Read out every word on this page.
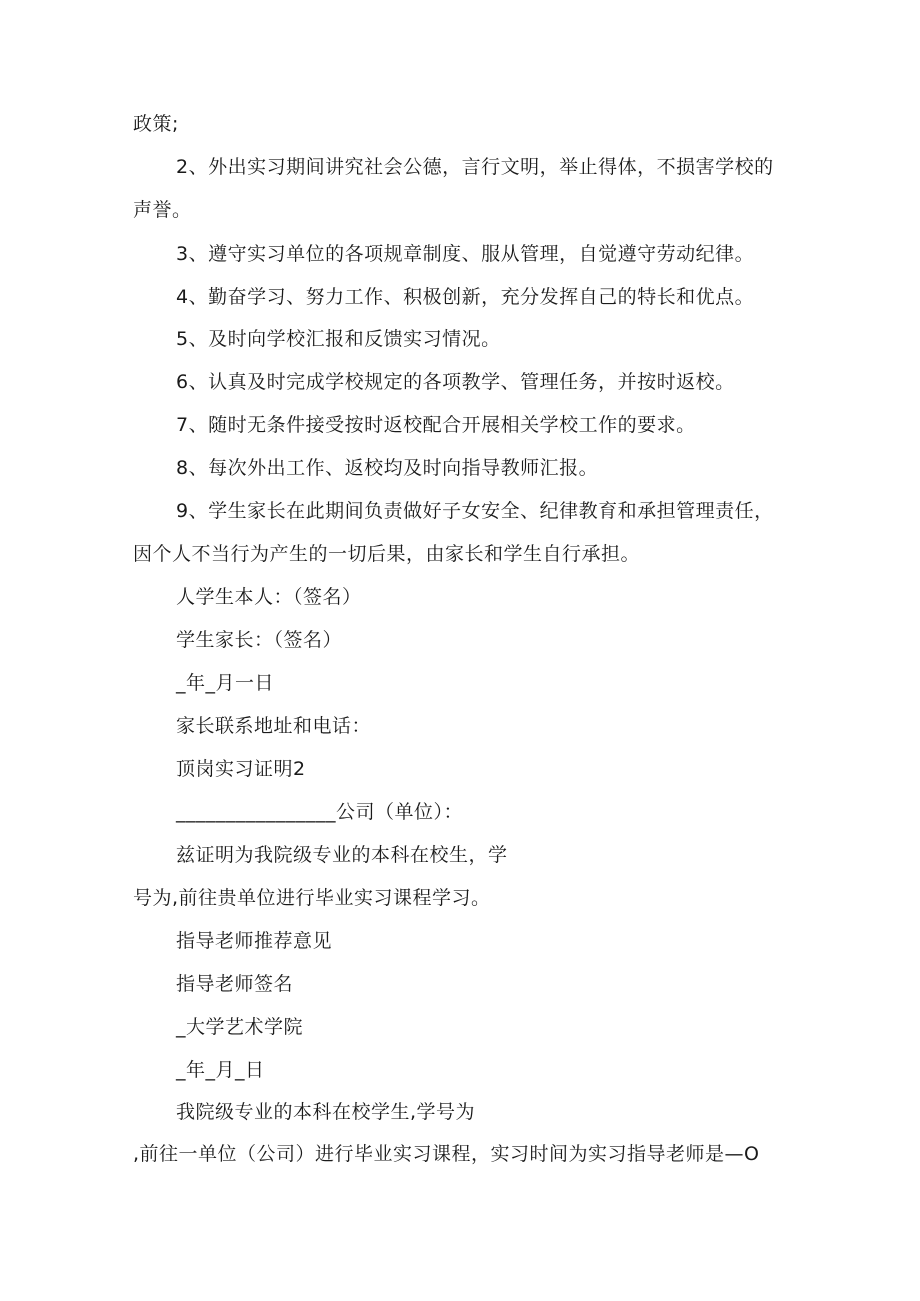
政策;
2、外出实习期间讲究社会公德，言行文明，举止得体，不损害学校的
声誉。
3、遵守实习单位的各项规章制度、服从管理，自觉遵守劳动纪律。
4、勤奋学习、努力工作、积极创新，充分发挥自己的特长和优点。
5、及时向学校汇报和反馈实习情况。
6、认真及时完成学校规定的各项教学、管理任务，并按时返校。
7、随时无条件接受按时返校配合开展相关学校工作的要求。
8、每次外出工作、返校均及时向指导教师汇报。
9、学生家长在此期间负责做好子女安全、纪律教育和承担管理责任，
因个人不当行为产生的一切后果，由家长和学生自行承担。
人学生本人：（签名）
学生家长：（签名）
_年_月一日
家长联系地址和电话：
顶岗实习证明2
________________公司（单位）：
兹证明为我院级专业的本科在校生，学
号为,前往贵单位进行毕业实习课程学习。
指导老师推荐意见
指导老师签名
_大学艺术学院
_年_月_日
我院级专业的本科在校学生,学号为
,前往一单位（公司）进行毕业实习课程，实习时间为实习指导老师是—O
